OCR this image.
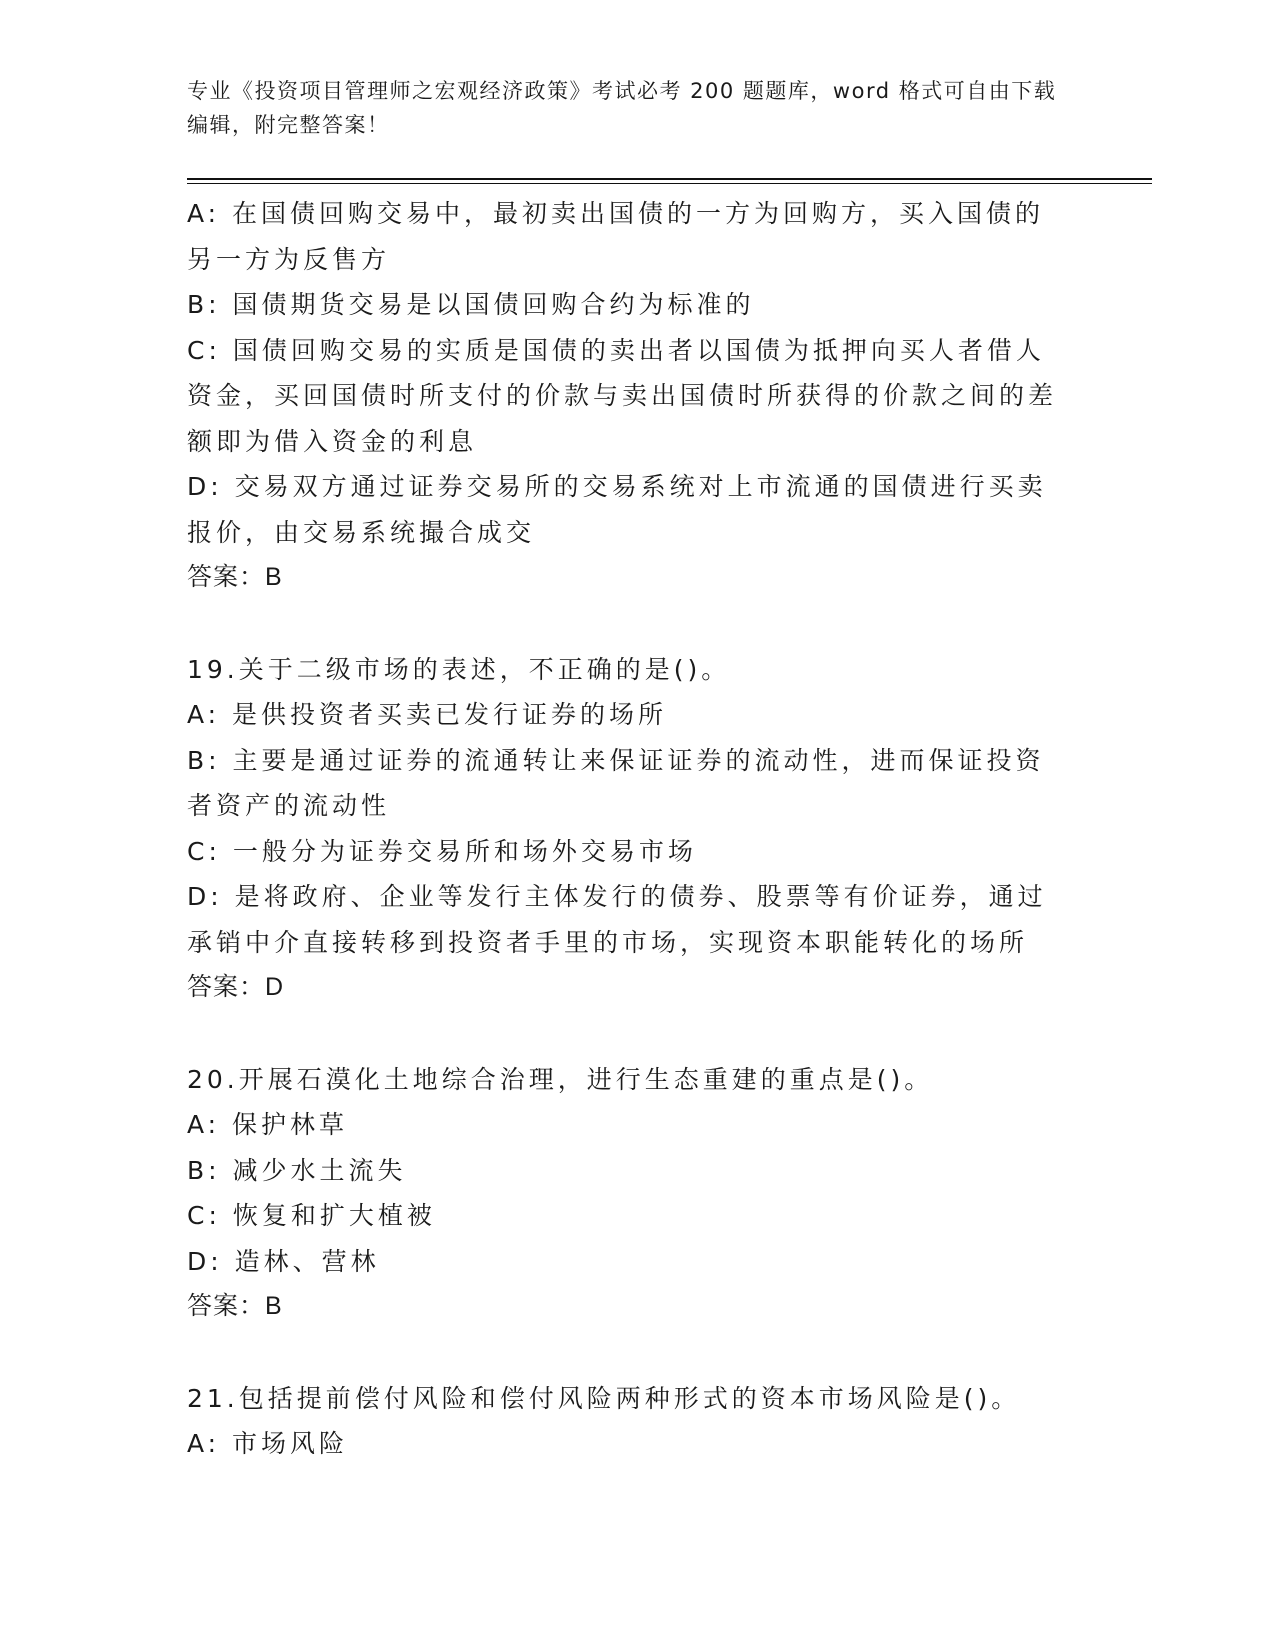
专业《投资项目管理师之宏观经济政策》考试必考 200 题题库，word 格式可自由下载编辑，附完整答案！

A: 在国债回购交易中，最初卖出国债的一方为回购方，买入国债的另一方为反售方

B: 国债期货交易是以国债回购合约为标准的

C: 国债回购交易的实质是国债的卖出者以国债为抵押向买人者借人资金，买回国债时所支付的价款与卖出国债时所获得的价款之间的差额即为借入资金的利息

D: 交易双方通过证券交易所的交易系统对上市流通的国债进行买卖报价，由交易系统撮合成交

答案：B

19.关于二级市场的表述，不正确的是()。

A: 是供投资者买卖已发行证券的场所

B: 主要是通过证券的流通转让来保证证券的流动性，进而保证投资者资产的流动性

C: 一般分为证券交易所和场外交易市场

D: 是将政府、企业等发行主体发行的债券、股票等有价证券，通过承销中介直接转移到投资者手里的市场，实现资本职能转化的场所

答案：D

20.开展石漠化土地综合治理，进行生态重建的重点是()。

A: 保护林草

B: 减少水土流失

C: 恢复和扩大植被

D: 造林、营林

答案：B

21.包括提前偿付风险和偿付风险两种形式的资本市场风险是()。

A: 市场风险
